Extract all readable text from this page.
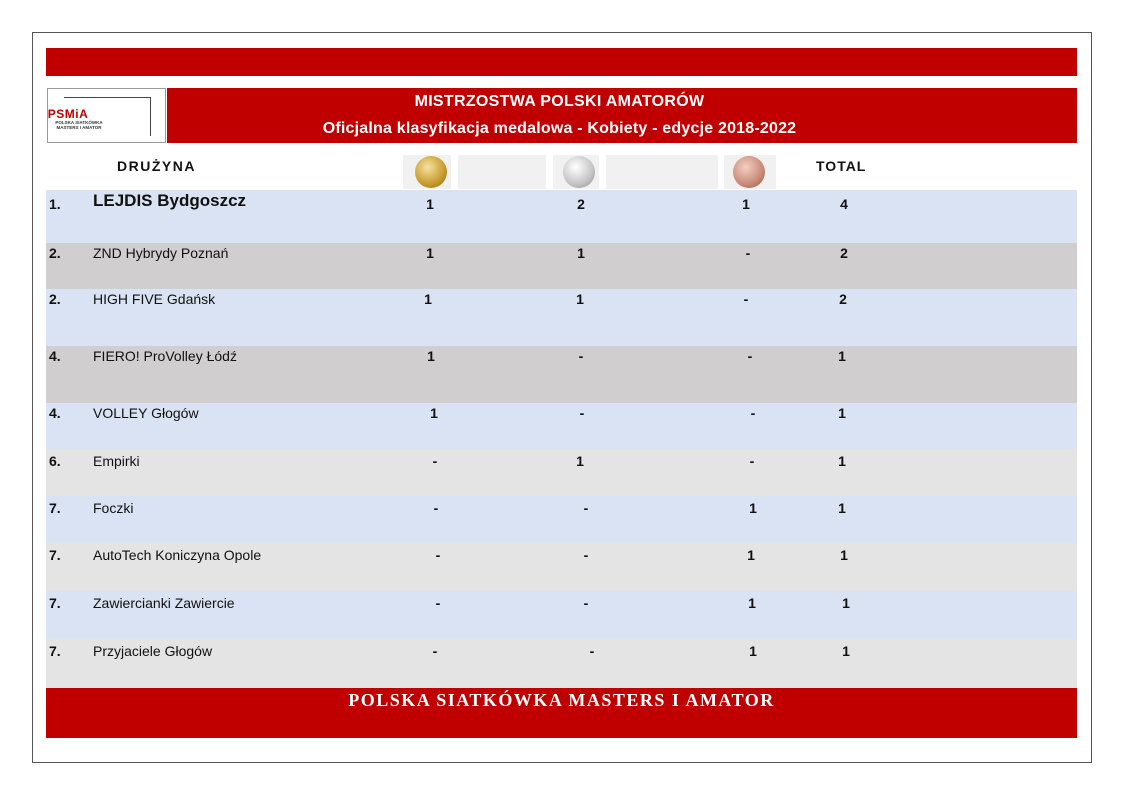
PSMiA
POLSKA SIATKÓWKA MASTERS I AMATOR
MISTRZOSTWA POLSKI AMATORÓW
Oficjalna klasyfikacja medalowa - Kobiety - edycje 2018-2022
DRUŻYNA	TOTAL
1. LEJDIS Bydgoszcz	1	2	1	4
2. ZND Hybrydy Poznań	1	1	-	2
2. HIGH FIVE Gdańsk	1	1	-	2
4. FIERO! ProVolley Łódź	1	-	-	1
4. VOLLEY Głogów	1	-	-	1
6. Empirki	-	1	-	1
7. Foczki	-	-	1	1
7. AutoTech Koniczyna Opole	-	-	1	1
7. Zawiercianki Zawiercie	-	-	1	1
7. Przyjaciele Głogów	-	-	1	1
POLSKA SIATKÓWKA MASTERS I AMATOR
